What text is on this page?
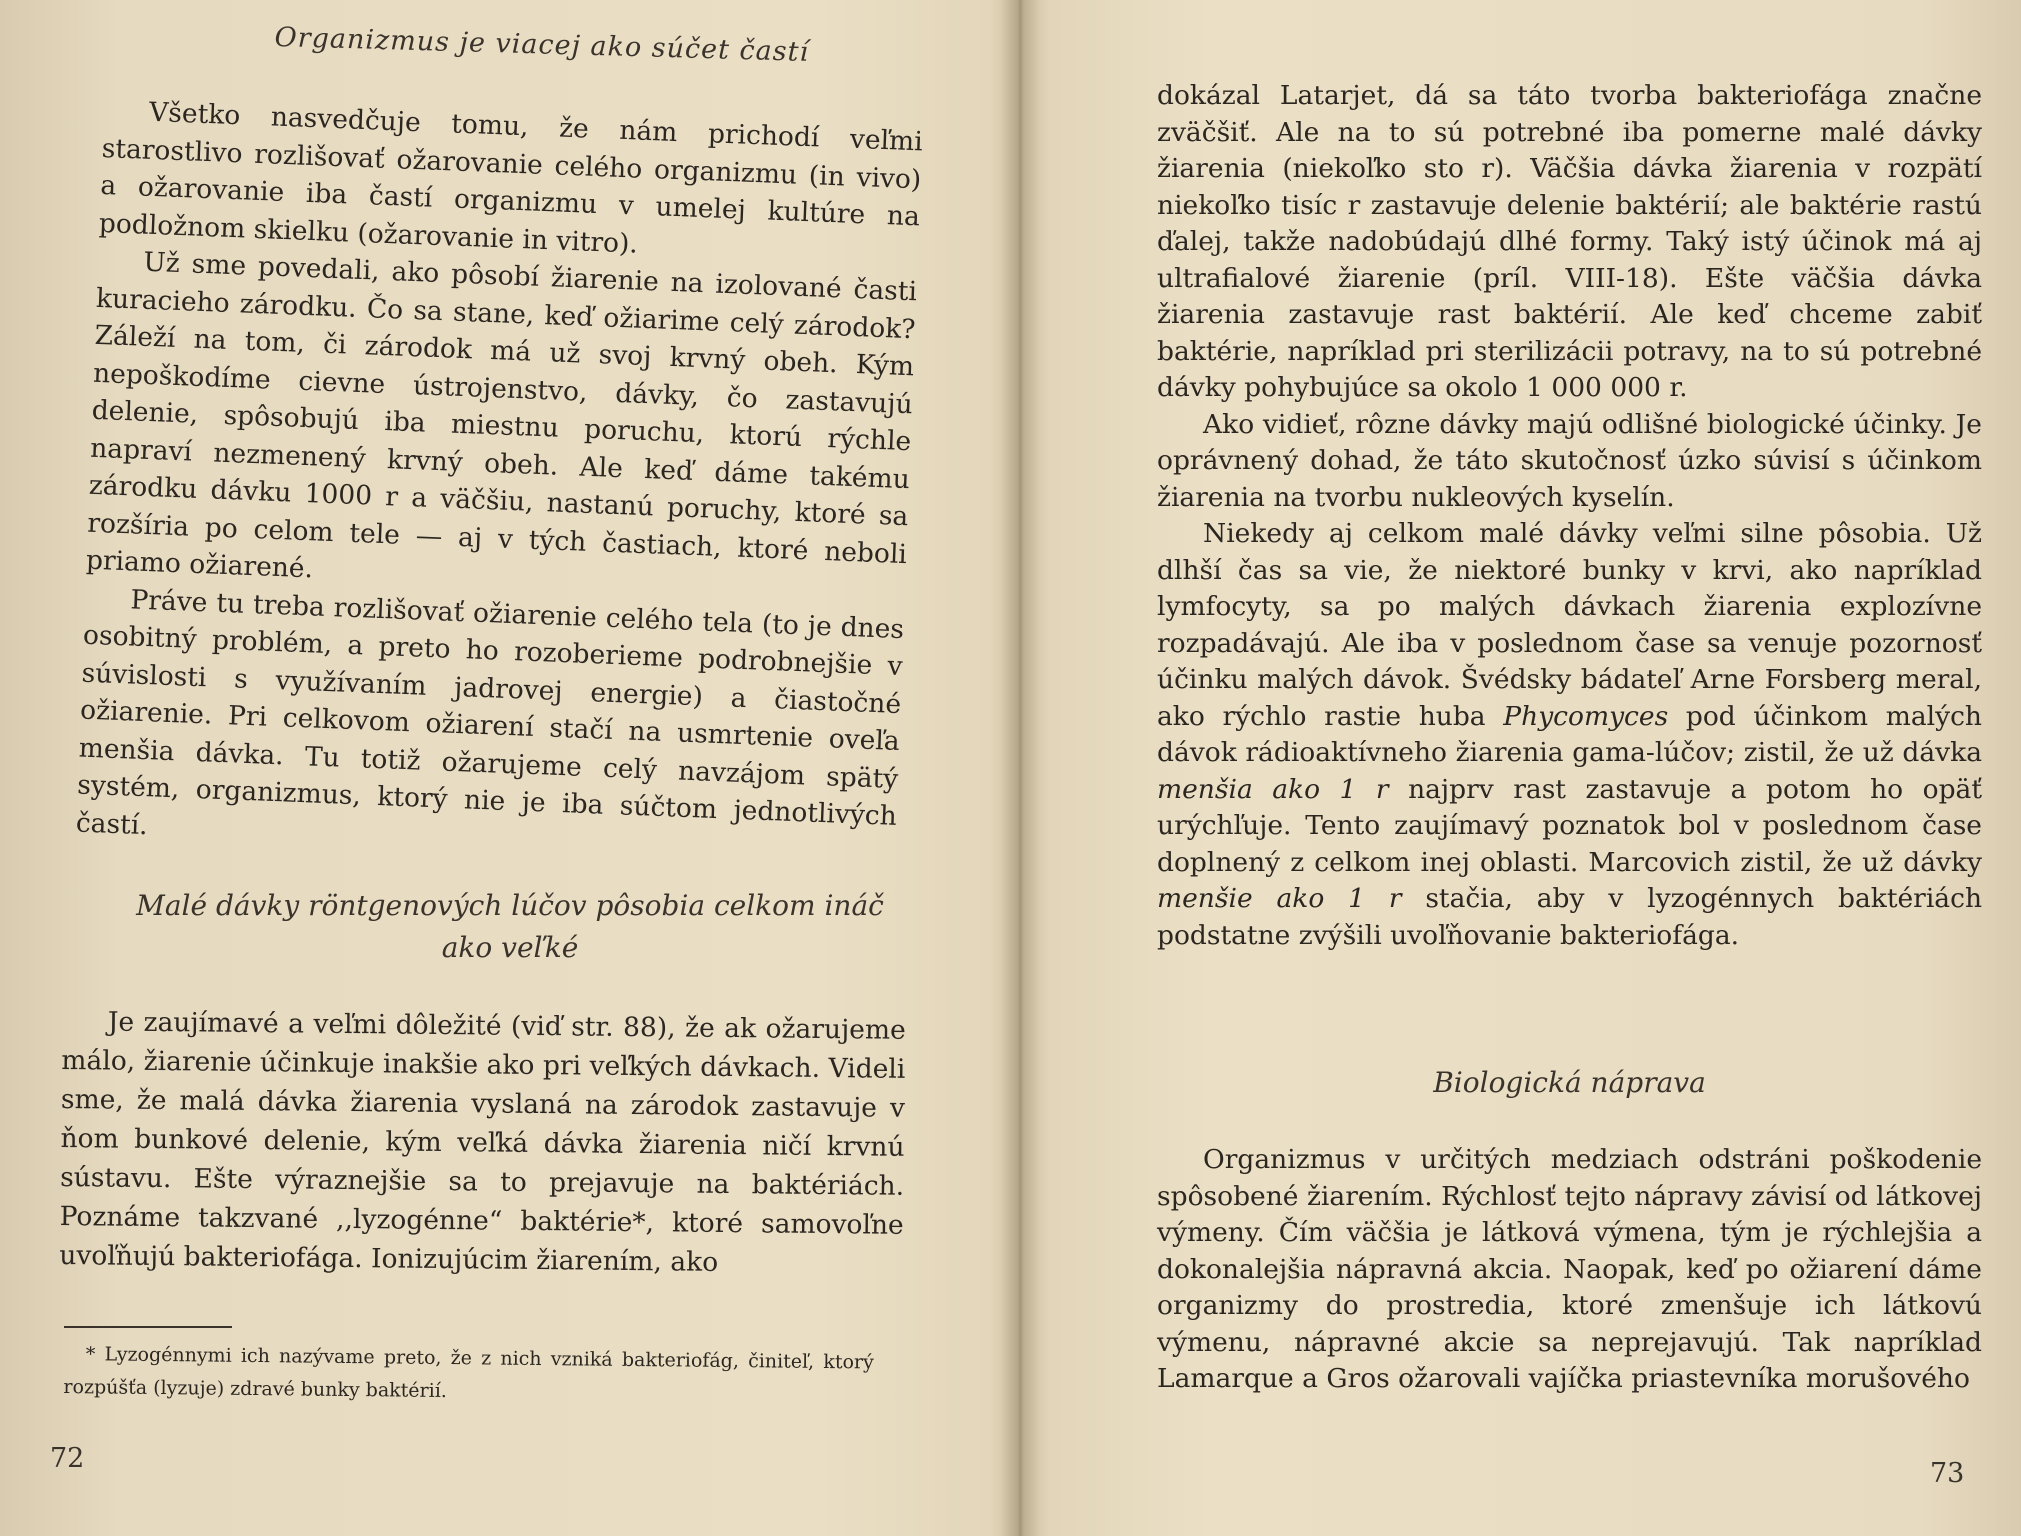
Organizmus je viacej ako súčet častí

Všetko nasvedčuje tomu, že nám prichodí veľmi starostlivo rozlišovať ožarovanie celého organizmu (in vivo) a ožarovanie iba častí organizmu v umelej kultúre na podložnom skielku (ožarovanie in vitro).

Už sme povedali, ako pôsobí žiarenie na izolované časti kuracieho zárodku. Čo sa stane, keď ožiarime celý zárodok? Záleží na tom, či zárodok má už svoj krvný obeh. Kým nepoškodíme cievne ústrojenstvo, dávky, čo zastavujú delenie, spôsobujú iba miestnu poruchu, ktorú rýchle napraví nezmenený krvný obeh. Ale keď dáme takému zárodku dávku 1000 r a väčšiu, nastanú poruchy, ktoré sa rozšíria po celom tele — aj v tých častiach, ktoré neboli priamo ožiarené.

Práve tu treba rozlišovať ožiarenie celého tela (to je dnes osobitný problém, a preto ho rozoberieme podrobnejšie v súvislosti s využívaním jadrovej energie) a čiastočné ožiarenie. Pri celkovom ožiarení stačí na usmrtenie oveľa menšia dávka. Tu totiž ožarujeme celý navzájom spätý systém, organizmus, ktorý nie je iba súčtom jednotlivých častí.

Malé dávky röntgenových lúčov pôsobia celkom ináč
ako veľké

Je zaujímavé a veľmi dôležité (viď str. 88), že ak ožarujeme málo, žiarenie účinkuje inakšie ako pri veľkých dávkach. Videli sme, že malá dávka žiarenia vyslaná na zárodok zastavuje v ňom bunkové delenie, kým veľká dávka žiarenia ničí krvnú sústavu. Ešte výraznejšie sa to prejavuje na baktériách. Poznáme takzvané ,,lyzogénne“ baktérie*, ktoré samovoľne uvoľňujú bakteriofága. Ionizujúcim žiarením, ako

* Lyzogénnymi ich nazývame preto, že z nich vzniká bakteriofág, činiteľ, ktorý rozpúšťa (lyzuje) zdravé bunky baktérií.

72

dokázal Latarjet, dá sa táto tvorba bakteriofága značne zväčšiť. Ale na to sú potrebné iba pomerne malé dávky žiarenia (niekoľko sto r). Väčšia dávka žiarenia v rozpätí niekoľko tisíc r zastavuje delenie baktérií; ale baktérie rastú ďalej, takže nadobúdajú dlhé formy. Taký istý účinok má aj ultrafialové žiarenie (príl. VIII-18). Ešte väčšia dávka žiarenia zastavuje rast baktérií. Ale keď chceme zabiť baktérie, napríklad pri sterilizácii potravy, na to sú potrebné dávky pohybujúce sa okolo 1 000 000 r.

Ako vidieť, rôzne dávky majú odlišné biologické účinky. Je oprávnený dohad, že táto skutočnosť úzko súvisí s účinkom žiarenia na tvorbu nukleových kyselín.

Niekedy aj celkom malé dávky veľmi silne pôsobia. Už dlhší čas sa vie, že niektoré bunky v krvi, ako napríklad lymfocyty, sa po malých dávkach žiarenia explozívne rozpadávajú. Ale iba v poslednom čase sa venuje pozornosť účinku malých dávok. Švédsky bádateľ Arne Forsberg meral, ako rýchlo rastie huba Phycomyces pod účinkom malých dávok rádioaktívneho žiarenia gama-lúčov; zistil, že už dávka menšia ako 1 r najprv rast zastavuje a potom ho opäť urýchľuje. Tento zaujímavý poznatok bol v poslednom čase doplnený z celkom inej oblasti. Marcovich zistil, že už dávky menšie ako 1 r stačia, aby v lyzogénnych baktériách podstatne zvýšili uvoľňovanie bakteriofága.

Biologická náprava

Organizmus v určitých medziach odstráni poškodenie spôsobené žiarením. Rýchlosť tejto nápravy závisí od látkovej výmeny. Čím väčšia je látková výmena, tým je rýchlejšia a dokonalejšia nápravná akcia. Naopak, keď po ožiarení dáme organizmy do prostredia, ktoré zmenšuje ich látkovú výmenu, nápravné akcie sa neprejavujú. Tak napríklad Lamarque a Gros ožarovali vajíčka priastevníka morušového

73
